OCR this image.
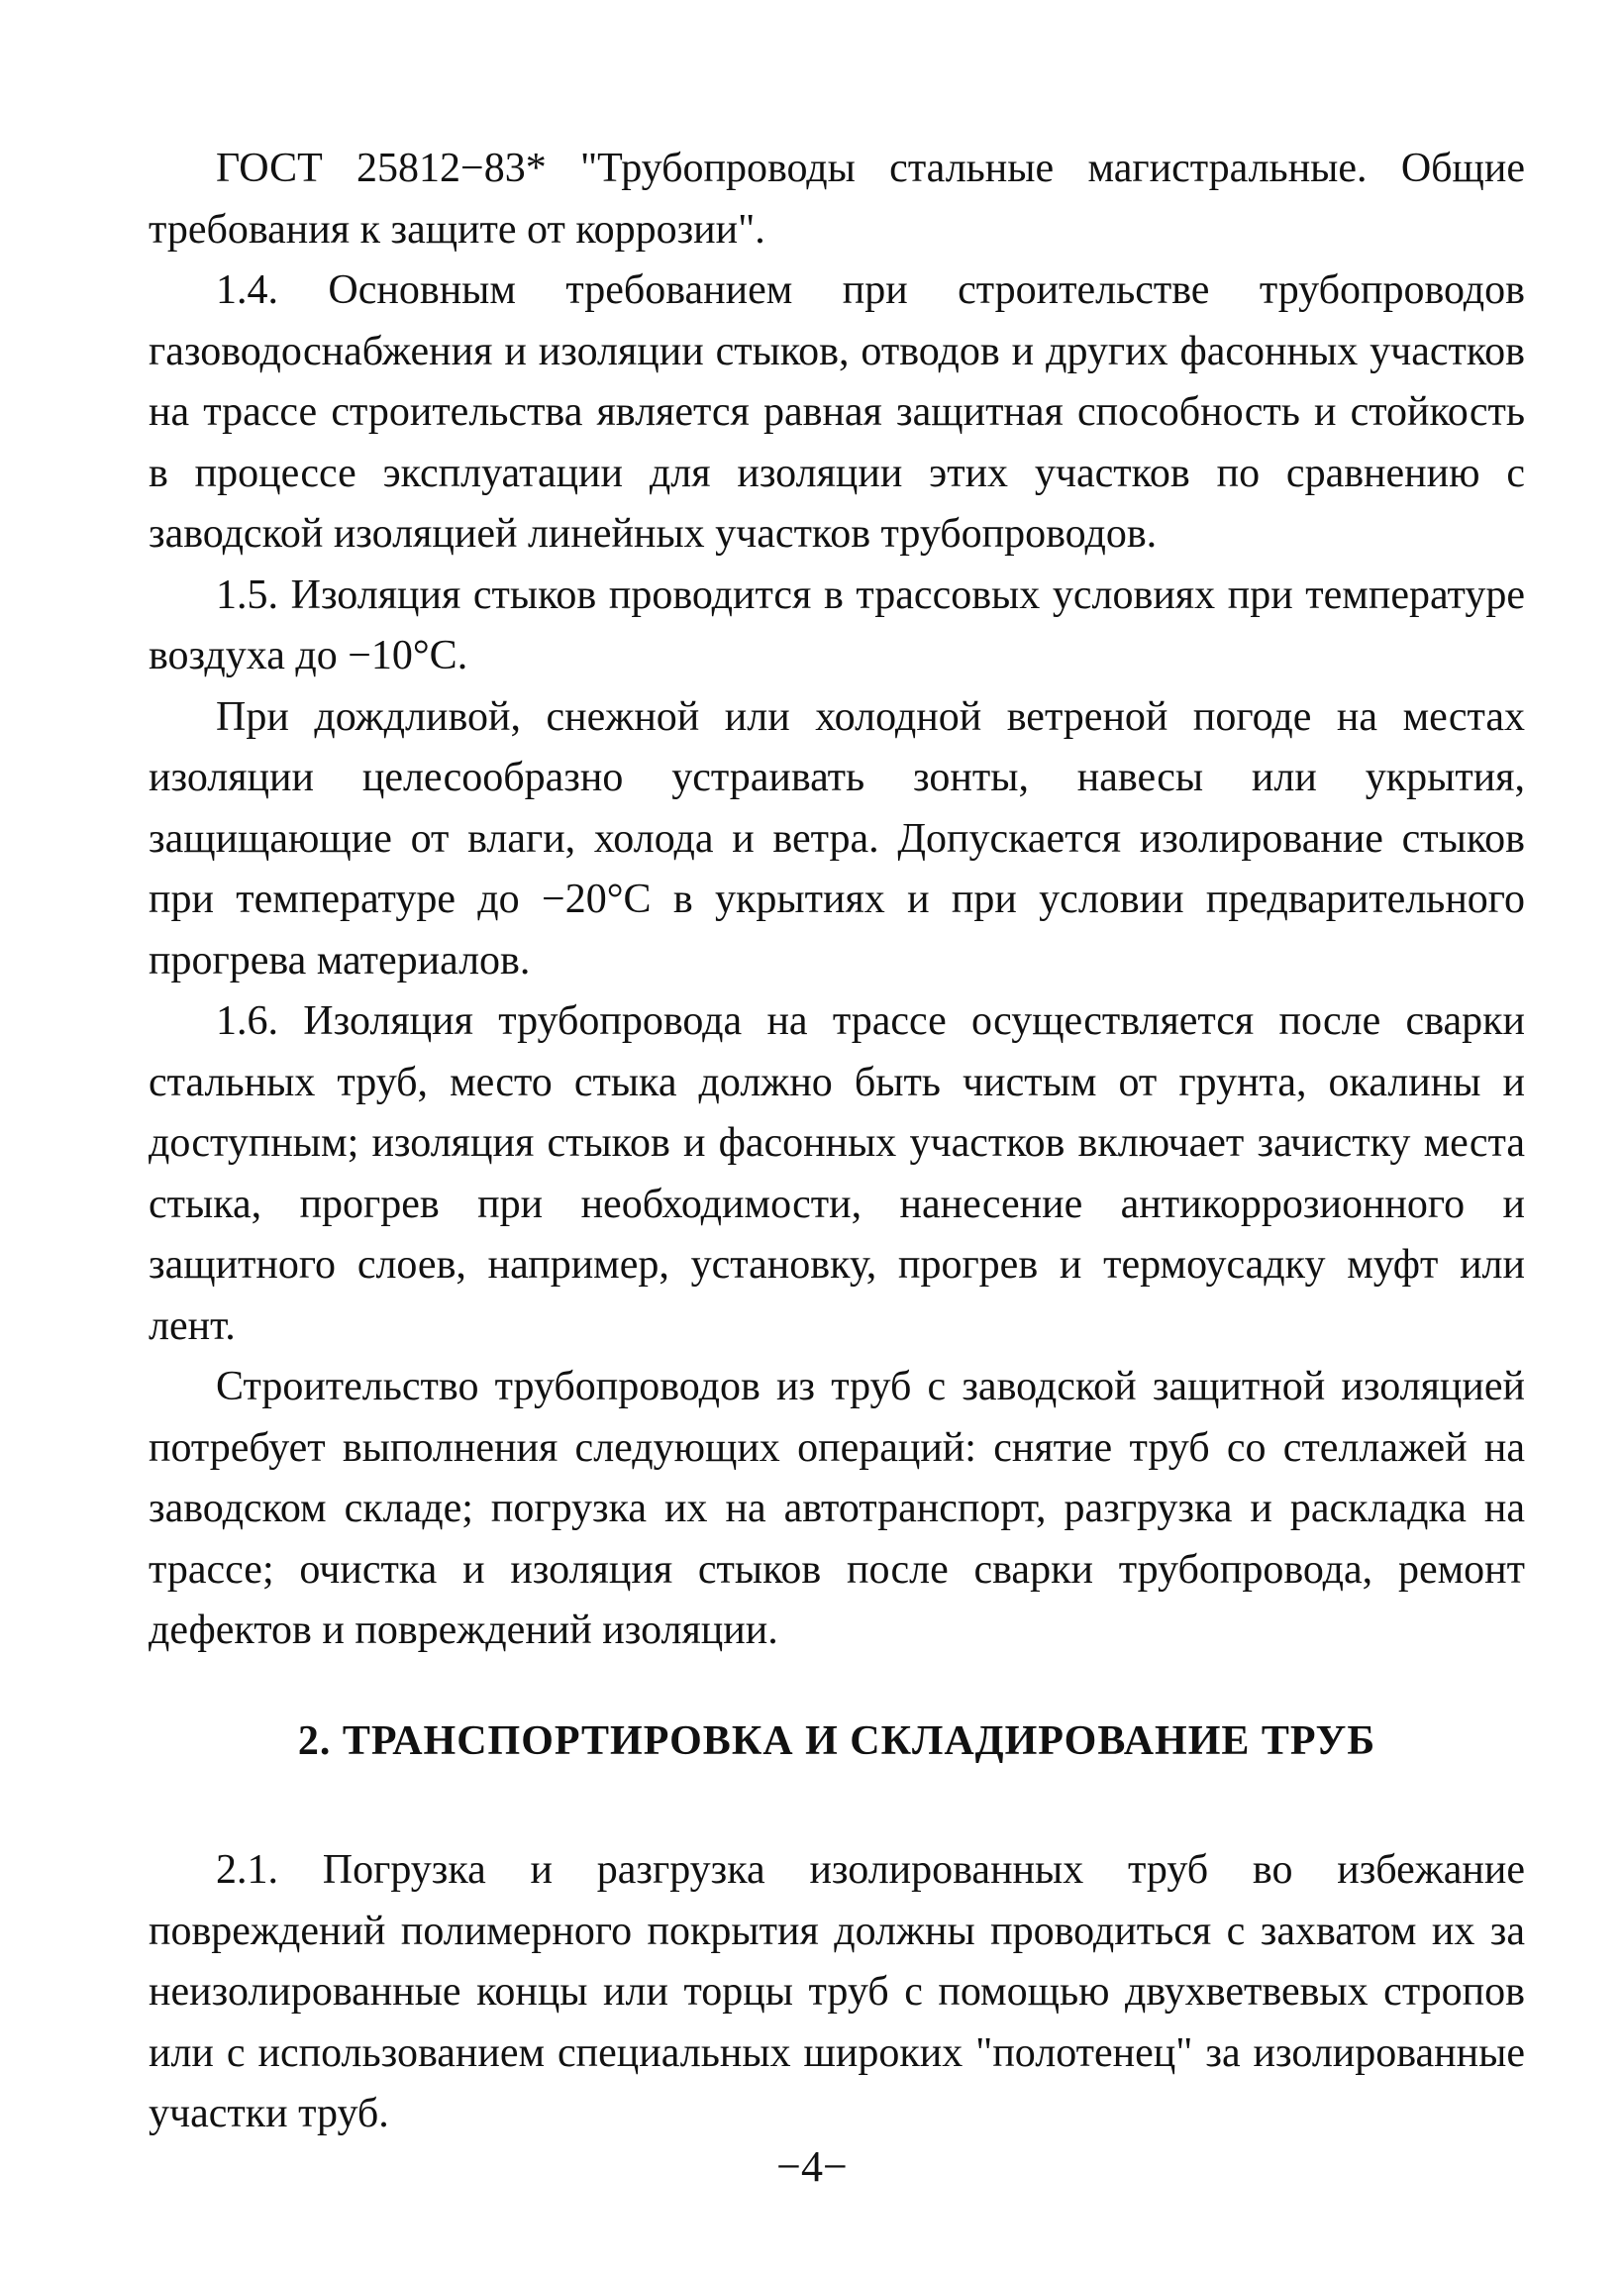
ГОСТ 25812−83* "Трубопроводы стальные магистральные. Общие требования к защите от коррозии".

1.4. Основным требованием при строительстве трубопроводов газоводоснабжения и изоляции стыков, отводов и других фасонных участков на трассе строительства является равная защитная способность и стойкость в процессе эксплуатации для изоляции этих участков по сравнению с заводской изоляцией линейных участков трубопроводов.

1.5. Изоляция стыков проводится в трассовых условиях при температуре воздуха до −10°С.

При дождливой, снежной или холодной ветреной погоде на местах изоляции целесообразно устраивать зонты, навесы или укрытия, защищающие от влаги, холода и ветра. Допускается изолирование стыков при температуре до −20°С в укрытиях и при условии предварительного прогрева материалов.

1.6. Изоляция трубопровода на трассе осуществляется после сварки стальных труб, место стыка должно быть чистым от грунта, окалины и доступным; изоляция стыков и фасонных участков включает зачистку места стыка, прогрев при необходимости, нанесение антикоррозионного и защитного слоев, например, установку, прогрев и термоусадку муфт или лент.

Строительство трубопроводов из труб с заводской защитной изоляцией потребует выполнения следующих операций: снятие труб со стеллажей на заводском складе; погрузка их на автотранспорт, разгрузка и раскладка на трассе; очистка и изоляция стыков после сварки трубопровода, ремонт дефектов и повреждений изоляции.

2. ТРАНСПОРТИРОВКА И СКЛАДИРОВАНИЕ ТРУБ

2.1. Погрузка и разгрузка изолированных труб во избежание повреждений полимерного покрытия должны проводиться с захватом их за неизолированные концы или торцы труб с помощью двухветвевых стропов или с использованием специальных широких "полотенец" за изолированные участки труб.

−4−
